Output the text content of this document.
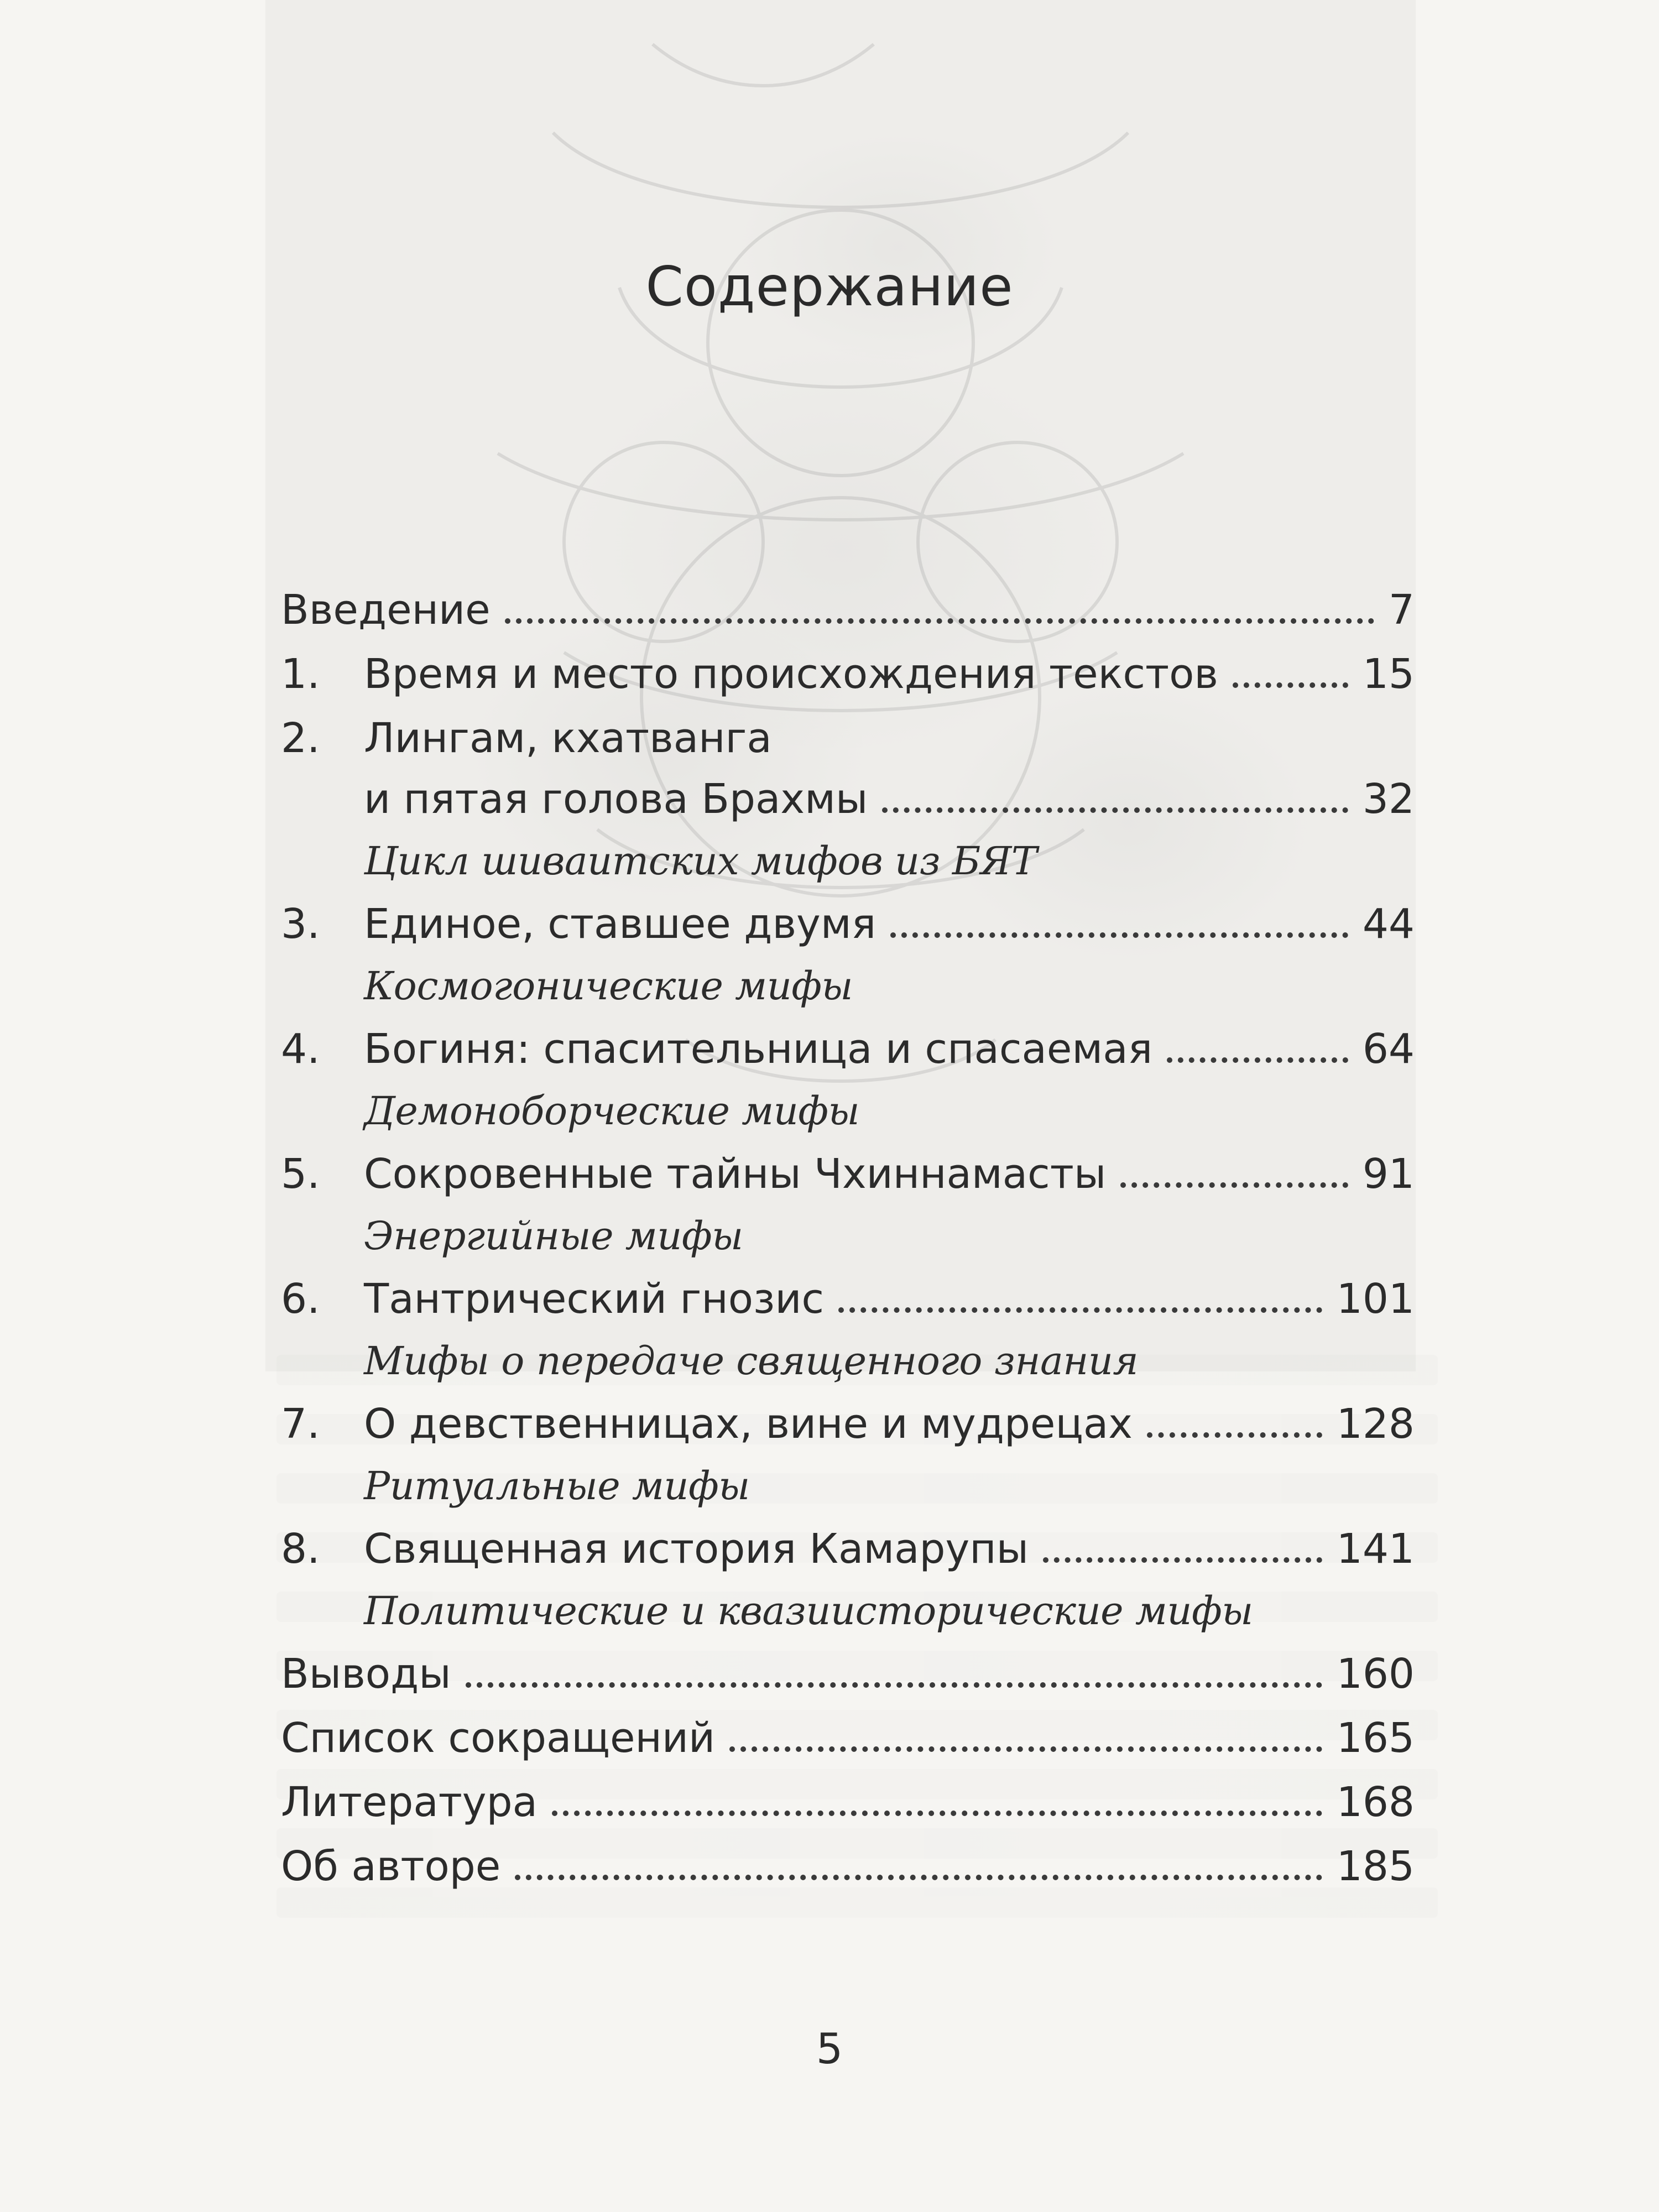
Содержание
Введение	7
1.	Время и место происхождения текстов	15
2.	Лингам, кхатванга
и пятая голова Брахмы	32
Цикл шиваитских мифов из БЯТ
3.	Единое, ставшее двумя	44
Космогонические мифы
4.	Богиня: спасительница и спасаемая	64
Демоноборческие мифы
5.	Сокровенные тайны Чхиннамасты	91
Энергийные мифы
6.	Тантрический гнозис	101
Мифы о передаче священного знания
7.	О девственницах, вине и мудрецах	128
Ритуальные мифы
8.	Священная история Камарупы	141
Политические и квазиисторические мифы
Выводы	160
Список сокращений	165
Литература	168
Об авторе	185
5
